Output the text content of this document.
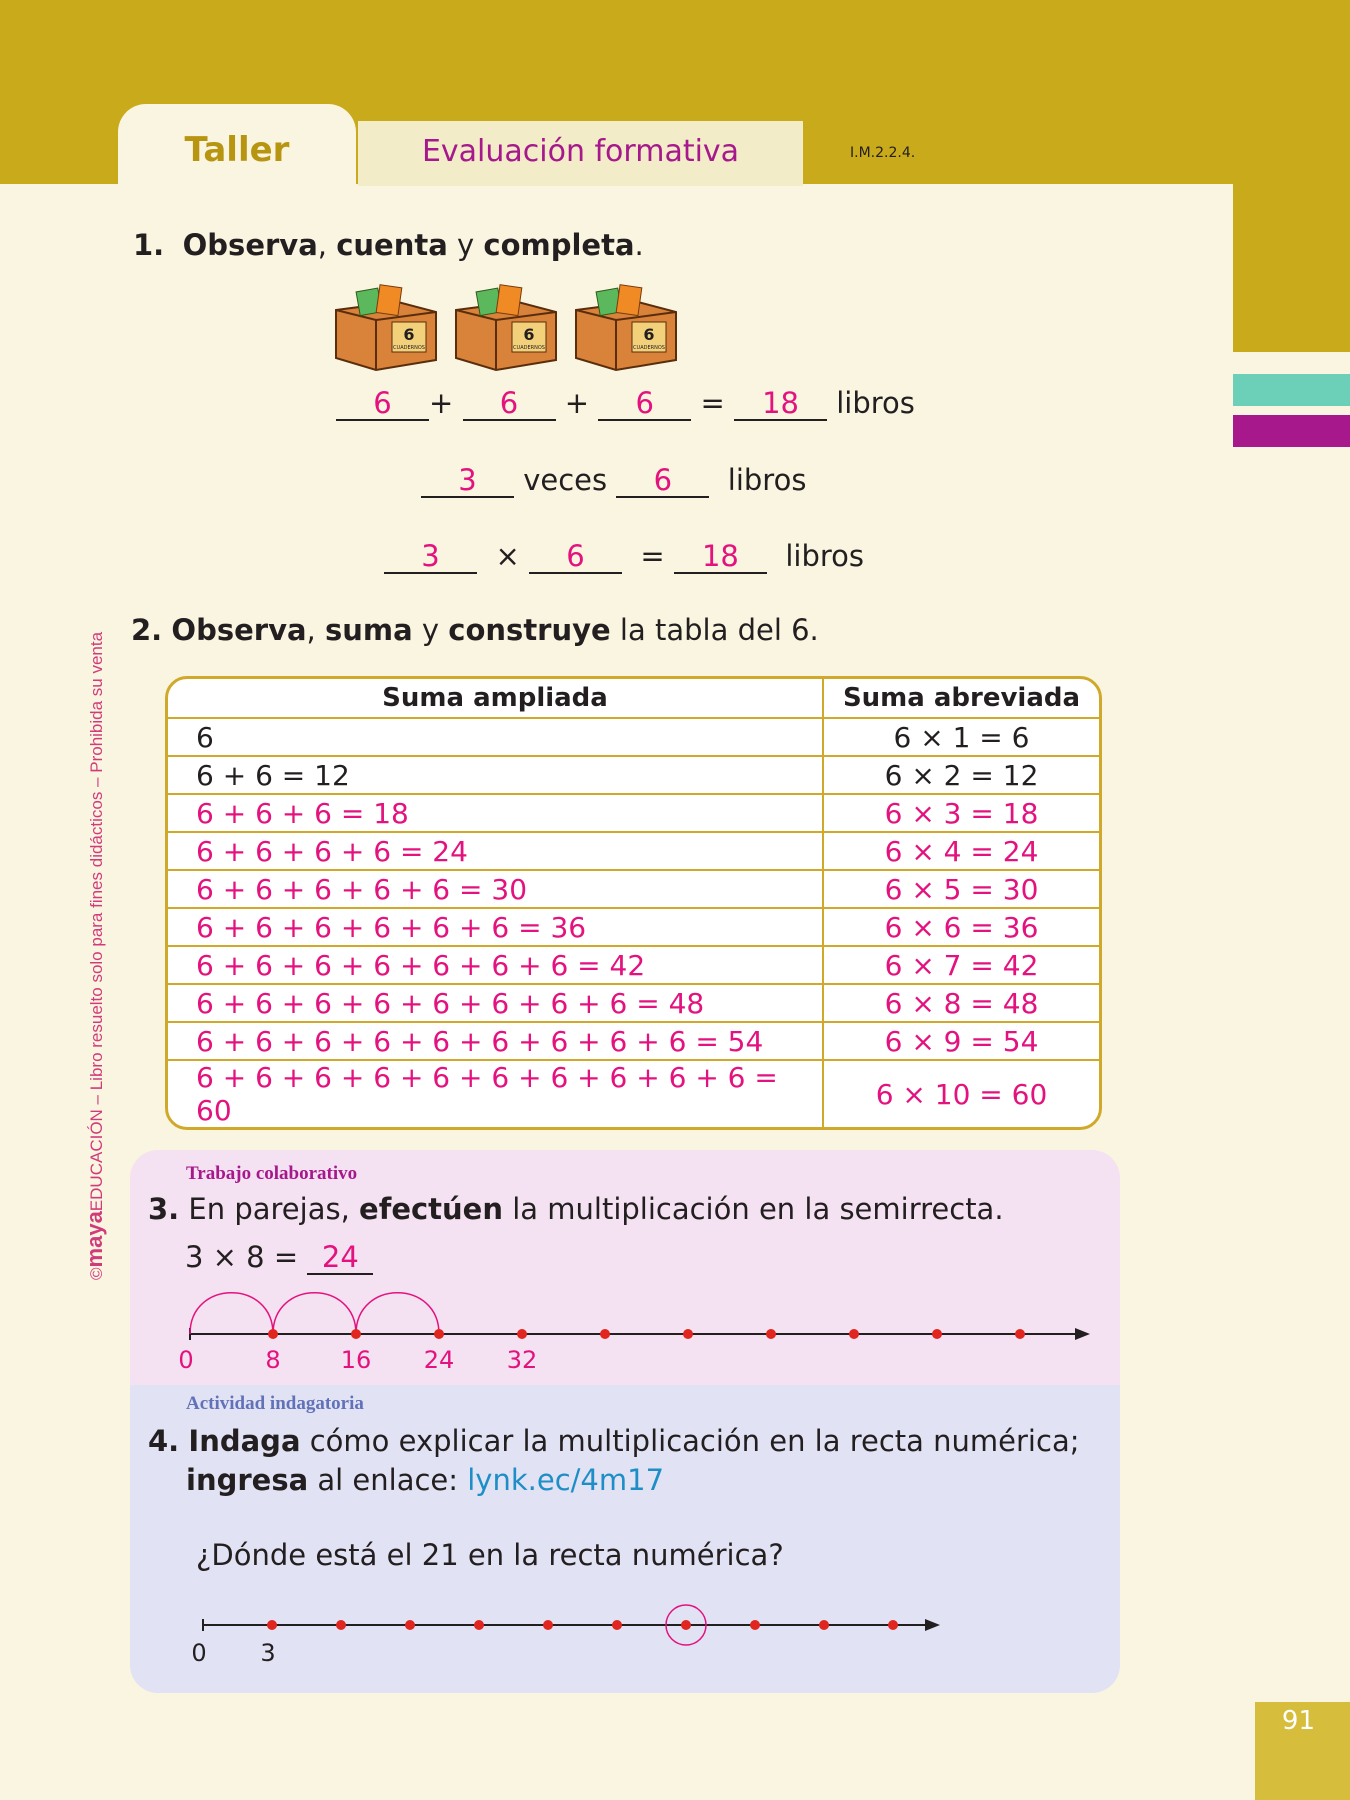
91
Taller	Evaluación formativa	I.M.2.2.4.
©mayaEDUCACIÓN – Libro resuelto solo para fines didácticos – Prohibida su venta
1. Observa, cuenta y completa.
6
CUADERNOS
6
CUADERNOS
6
CUADERNOS
6 + 6 + 6 = 18 libros
3 veces 6 libros
3 × 6 = 18 libros
2. Observa, suma y construye la tabla del 6.
Suma ampliada	Suma abreviada
6	6 × 1 = 6
6 + 6 = 12	6 × 2 = 12
6 + 6 + 6 = 18	6 × 3 = 18
6 + 6 + 6 + 6 = 24	6 × 4 = 24
6 + 6 + 6 + 6 + 6 = 30	6 × 5 = 30
6 + 6 + 6 + 6 + 6 + 6 = 36	6 × 6 = 36
6 + 6 + 6 + 6 + 6 + 6 + 6 = 42	6 × 7 = 42
6 + 6 + 6 + 6 + 6 + 6 + 6 + 6 = 48	6 × 8 = 48
6 + 6 + 6 + 6 + 6 + 6 + 6 + 6 + 6 = 54	6 × 9 = 54
6 + 6 + 6 + 6 + 6 + 6 + 6 + 6 + 6 + 6 = 60	6 × 10 = 60
Trabajo colaborativo
3. En parejas, efectúen la multiplicación en la semirrecta.
3 × 8 = 24
0	8	16 24 32
Actividad indagatoria
4. Indaga cómo explicar la multiplicación en la recta numérica;
ingresa al enlace: lynk.ec/4m17
¿Dónde está el 21 en la recta numérica?
0 3
